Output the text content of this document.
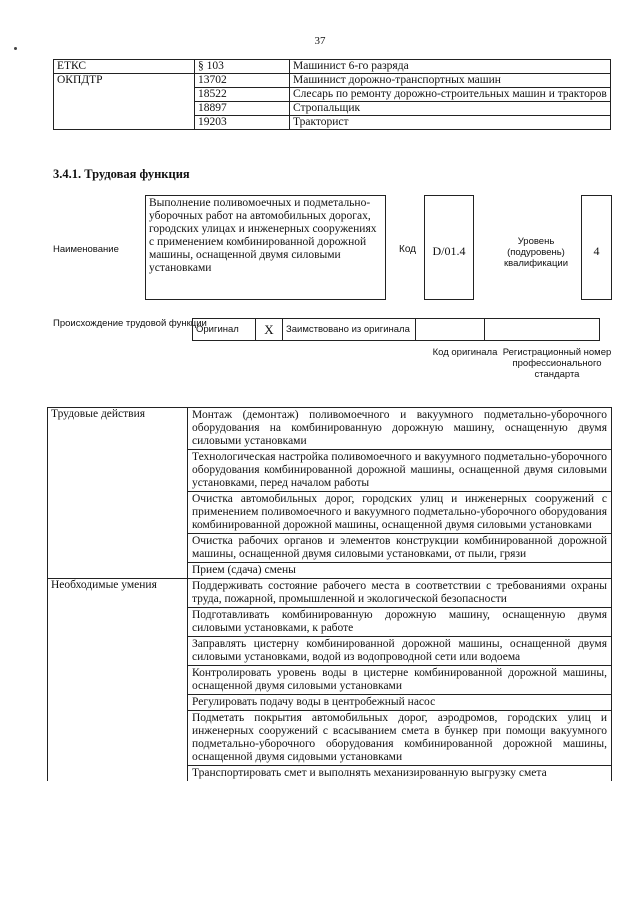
37
ЕТКС	§ 103	Машинист 6-го разряда
ОКПДТР	13702	Машинист дорожно-транспортных машин
	18522	Слесарь по ремонту дорожно-строительных машин и тракторов
	18897	Стропальщик
	19203	Тракторист
3.4.1. Трудовая функция
Наименование
Выполнение поливомоечных и подметально-уборочных работ на автомобильных дорогах, городских улицах и инженерных сооружениях с применением комбинированной дорожной машины, оснащенной двумя силовыми установками
Код	D/01.4
Уровень (подуровень) квалификации
4
Происхождение трудовой функции
Оригинал	X	Заимствовано из оригинала		
Код оригинала Регистрационный номер профессионального стандарта
Трудовые действия	Монтаж (демонтаж) поливомоечного и вакуумного подметально-уборочного оборудования на комбинированную дорожную машину, оснащенную двумя силовыми установками
	Технологическая настройка поливомоечного и вакуумного подметально-уборочного оборудования комбинированной дорожной машины, оснащенной двумя силовыми установками, перед началом работы
	Очистка автомобильных дорог, городских улиц и инженерных сооружений с применением поливомоечного и вакуумного подметально-уборочного оборудования комбинированной дорожной машины, оснащенной двумя силовыми установками
	Очистка рабочих органов и элементов конструкции комбинированной дорожной машины, оснащенной двумя силовыми установками, от пыли, грязи
	Прием (сдача) смены
Необходимые умения	Поддерживать состояние рабочего места в соответствии с требованиями охраны труда, пожарной, промышленной и экологической безопасности
	Подготавливать комбинированную дорожную машину, оснащенную двумя силовыми установками, к работе
	Заправлять цистерну комбинированной дорожной машины, оснащенной двумя силовыми установками, водой из водопроводной сети или водоема
	Контролировать уровень воды в цистерне комбинированной дорожной машины, оснащенной двумя силовыми установками
	Регулировать подачу воды в центробежный насос
	Подметать покрытия автомобильных дорог, аэродромов, городских улиц и инженерных сооружений с всасыванием смета в бункер при помощи вакуумного подметально-уборочного оборудования комбинированной дорожной машины, оснащенной двумя сидовыми установками
	Транспортировать смет и выполнять механизированную выгрузку смета
